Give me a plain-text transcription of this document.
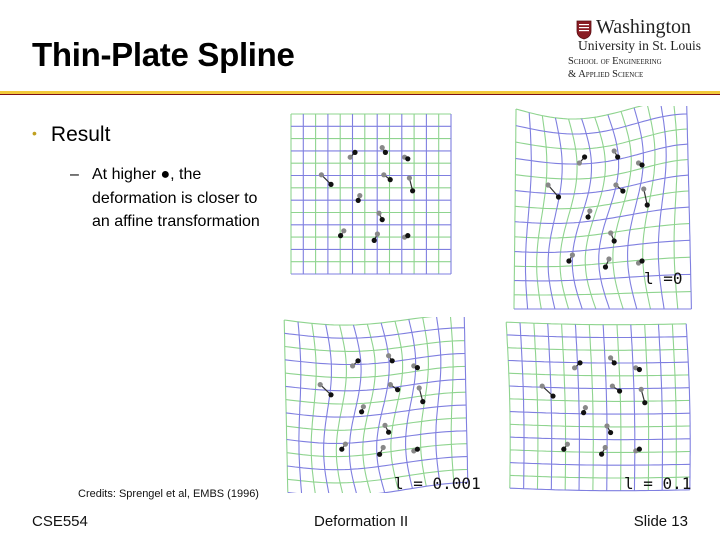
Thin-Plate Spline
Washington
University in St. Louis
School of Engineering
& Applied Science
• Result
– At higher ●, the deformation is closer to an affine transformation
l =0
l = 0.001	l = 0.1
Credits: Sprengel et al, EMBS (1996)
CSE554	Deformation II	Slide 13
